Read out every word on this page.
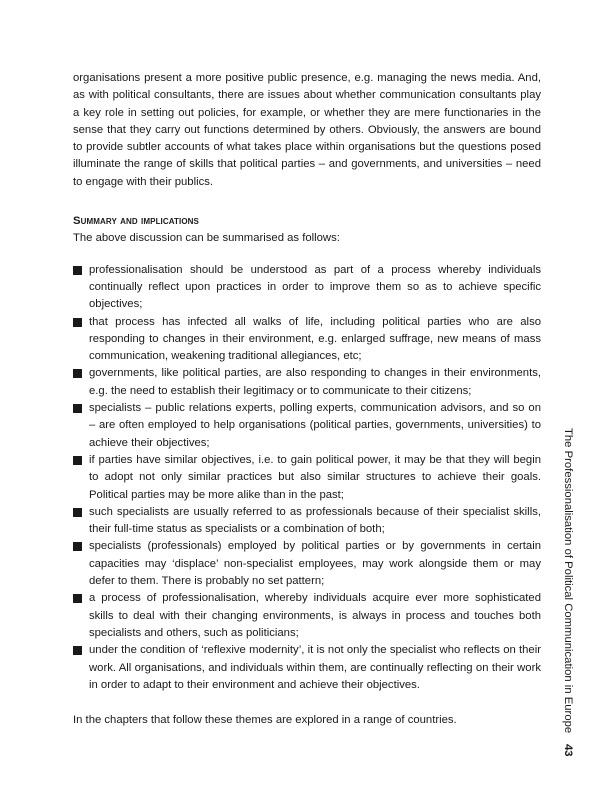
organisations present a more positive public presence, e.g. managing the news media. And, as with political consultants, there are issues about whether communication consultants play a key role in setting out policies, for example, or whether they are mere functionaries in the sense that they carry out functions determined by others. Obviously, the answers are bound to provide subtler accounts of what takes place within organisations but the questions posed illuminate the range of skills that political parties – and governments, and universities – need to engage with their publics.

Summary and implications

The above discussion can be summarised as follows:

professionalisation should be understood as part of a process whereby individuals continually reflect upon practices in order to improve them so as to achieve specific objectives;
that process has infected all walks of life, including political parties who are also responding to changes in their environment, e.g. enlarged suffrage, new means of mass communication, weakening traditional allegiances, etc;
governments, like political parties, are also responding to changes in their environments, e.g. the need to establish their legitimacy or to communicate to their citizens;
specialists – public relations experts, polling experts, communication advisors, and so on – are often employed to help organisations (political parties, governments, universities) to achieve their objectives;
if parties have similar objectives, i.e. to gain political power, it may be that they will begin to adopt not only similar practices but also similar structures to achieve their goals. Political parties may be more alike than in the past;
such specialists are usually referred to as professionals because of their specialist skills, their full-time status as specialists or a combination of both;
specialists (professionals) employed by political parties or by governments in certain capacities may ‘displace’ non-specialist employees, may work alongside them or may defer to them. There is probably no set pattern;
a process of professionalisation, whereby individuals acquire ever more sophisticated skills to deal with their changing environments, is always in process and touches both specialists and others, such as politicians;
under the condition of ‘reflexive modernity’, it is not only the specialist who reflects on their work. All organisations, and individuals within them, are continually reflecting on their work in order to adapt to their environment and achieve their objectives.

In the chapters that follow these themes are explored in a range of countries.	The Professionalisation of Political Communication in Europe 43
